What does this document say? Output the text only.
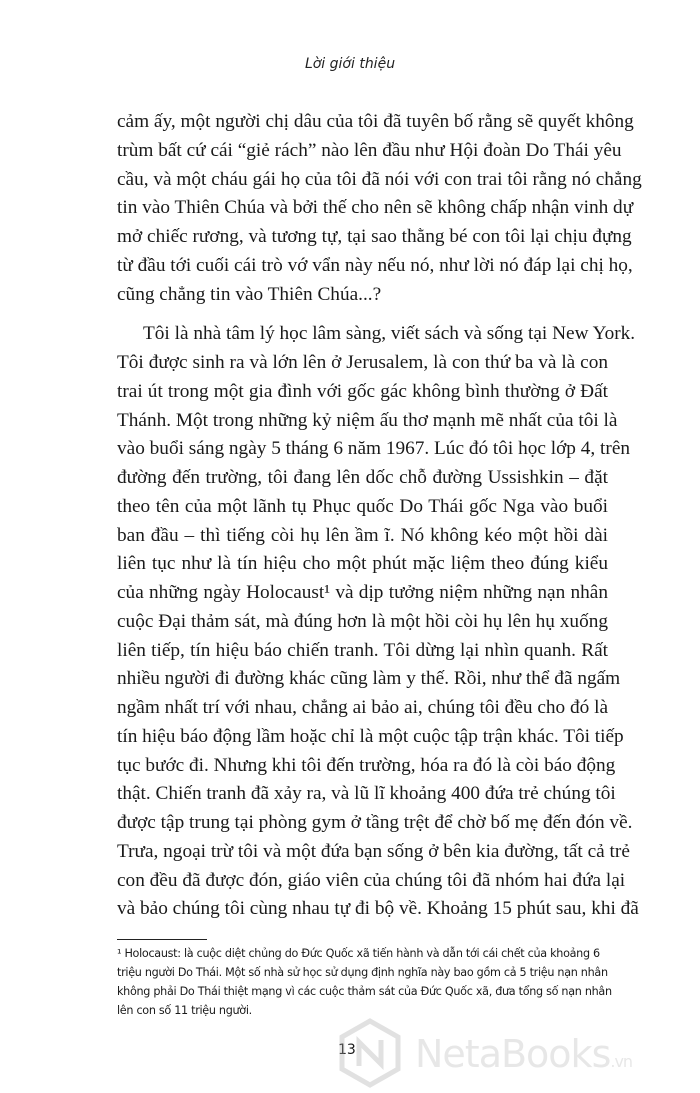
Lời giới thiệu
cảm ấy, một người chị dâu của tôi đã tuyên bố rằng sẽ quyết không
trùm bất cứ cái “giẻ rách” nào lên đầu như Hội đoàn Do Thái yêu
cầu, và một cháu gái họ của tôi đã nói với con trai tôi rằng nó chẳng
tin vào Thiên Chúa và bởi thế cho nên sẽ không chấp nhận vinh dự
mở chiếc rương, và tương tự, tại sao thằng bé con tôi lại chịu đựng
từ đầu tới cuối cái trò vớ vẩn này nếu nó, như lời nó đáp lại chị họ,
cũng chẳng tin vào Thiên Chúa...?
Tôi là nhà tâm lý học lâm sàng, viết sách và sống tại New York.
Tôi được sinh ra và lớn lên ở Jerusalem, là con thứ ba và là con
trai út trong một gia đình với gốc gác không bình thường ở Đất
Thánh. Một trong những kỷ niệm ấu thơ mạnh mẽ nhất của tôi là
vào buổi sáng ngày 5 tháng 6 năm 1967. Lúc đó tôi học lớp 4, trên
đường đến trường, tôi đang lên dốc chỗ đường Ussishkin – đặt
theo tên của một lãnh tụ Phục quốc Do Thái gốc Nga vào buổi
ban đầu – thì tiếng còi hụ lên ầm ĩ. Nó không kéo một hồi dài
liên tục như là tín hiệu cho một phút mặc liệm theo đúng kiểu
của những ngày Holocaust¹ và dịp tưởng niệm những nạn nhân
cuộc Đại thảm sát, mà đúng hơn là một hồi còi hụ lên hụ xuống
liên tiếp, tín hiệu báo chiến tranh. Tôi dừng lại nhìn quanh. Rất
nhiều người đi đường khác cũng làm y thế. Rồi, như thể đã ngấm
ngầm nhất trí với nhau, chẳng ai bảo ai, chúng tôi đều cho đó là
tín hiệu báo động lầm hoặc chỉ là một cuộc tập trận khác. Tôi tiếp
tục bước đi. Nhưng khi tôi đến trường, hóa ra đó là còi báo động
thật. Chiến tranh đã xảy ra, và lũ lĩ khoảng 400 đứa trẻ chúng tôi
được tập trung tại phòng gym ở tầng trệt để chờ bố mẹ đến đón về.
Trưa, ngoại trừ tôi và một đứa bạn sống ở bên kia đường, tất cả trẻ
con đều đã được đón, giáo viên của chúng tôi đã nhóm hai đứa lại
và bảo chúng tôi cùng nhau tự đi bộ về. Khoảng 15 phút sau, khi đã
¹ Holocaust: là cuộc diệt chủng do Đức Quốc xã tiến hành và dẫn tới cái chết của khoảng 6
triệu người Do Thái. Một số nhà sử học sử dụng định nghĩa này bao gồm cả 5 triệu nạn nhân
không phải Do Thái thiệt mạng vì các cuộc thảm sát của Đức Quốc xã, đưa tổng số nạn nhân
lên con số 11 triệu người.
13 NetaBooks.vn
